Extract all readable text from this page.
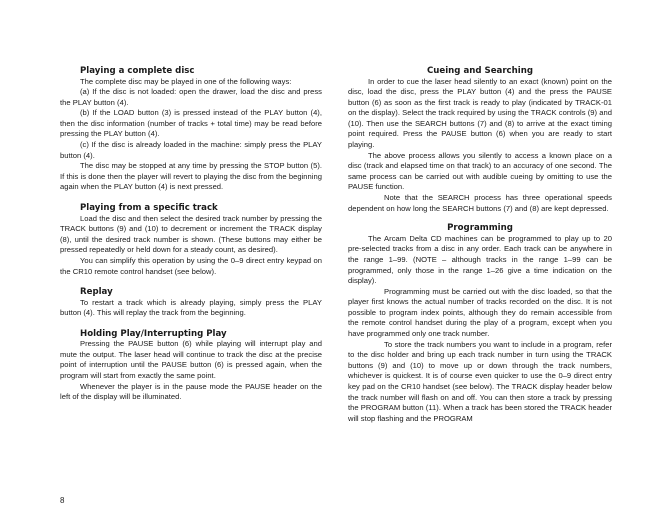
Playing a complete disc

The complete disc may be played in one of the following ways:

(a) If the disc is not loaded: open the drawer, load the disc and press the PLAY button (4).

(b) If the LOAD button (3) is pressed instead of the PLAY button (4), then the disc information (number of tracks + total time) may be read before pressing the PLAY button (4).

(c) If the disc is already loaded in the machine: simply press the PLAY button (4).

The disc may be stopped at any time by pressing the STOP button (5). If this is done then the player will revert to playing the disc from the beginning again when the PLAY button (4) is next pressed.

Playing from a specific track

Load the disc and then select the desired track number by pressing the TRACK buttons (9) and (10) to decrement or increment the TRACK display (8), until the desired track number is shown. (These buttons may either be pressed repeatedly or held down for a steady count, as desired).

You can simplify this operation by using the 0–9 direct entry keypad on the CR10 remote control handset (see below).

Replay

To restart a track which is already playing, simply press the PLAY button (4). This will replay the track from the beginning.

Holding Play/Interrupting Play

Pressing the PAUSE button (6) while playing will interrupt play and mute the output. The laser head will continue to track the disc at the precise point of interruption until the PAUSE button (6) is pressed again, when the program will start from exactly the same point.

Whenever the player is in the pause mode the PAUSE header on the left of the display will be illuminated.

Cueing and Searching

In order to cue the laser head silently to an exact (known) point on the disc, load the disc, press the PLAY button (4) and the press the PAUSE button (6) as soon as the first track is ready to play (indicated by TRACK-01 on the display). Select the track required by using the TRACK controls (9) and (10). Then use the SEARCH buttons (7) and (8) to arrive at the exact timing point required. Press the PAUSE button (6) when you are ready to start playing.

The above process allows you silently to access a known place on a disc (track and elapsed time on that track) to an accuracy of one second. The same process can be carried out with audible cueing by omitting to use the PAUSE function.

Note that the SEARCH process has three operational speeds dependent on how long the SEARCH buttons (7) and (8) are kept depressed.

Programming

The Arcam Delta CD machines can be programmed to play up to 20 pre-selected tracks from a disc in any order. Each track can be anywhere in the range 1–99. (NOTE – although tracks in the range 1–99 can be programmed, only those in the range 1–26 give a time indication on the display).

Programming must be carried out with the disc loaded, so that the player first knows the actual number of tracks recorded on the disc. It is not possible to program index points, although they do remain accessible from the remote control handset during the play of a program, except when you have programmed only one track number.

To store the track numbers you want to include in a program, refer to the disc holder and bring up each track number in turn using the TRACK buttons (9) and (10) to move up or down through the track numbers, whichever is quickest. It is of course even quicker to use the 0–9 direct entry key pad on the CR10 handset (see below). The TRACK display header below the track number will flash on and off. You can then store a track by pressing the PROGRAM button (11). When a track has been stored the TRACK header will stop flashing and the PROGRAM

8
